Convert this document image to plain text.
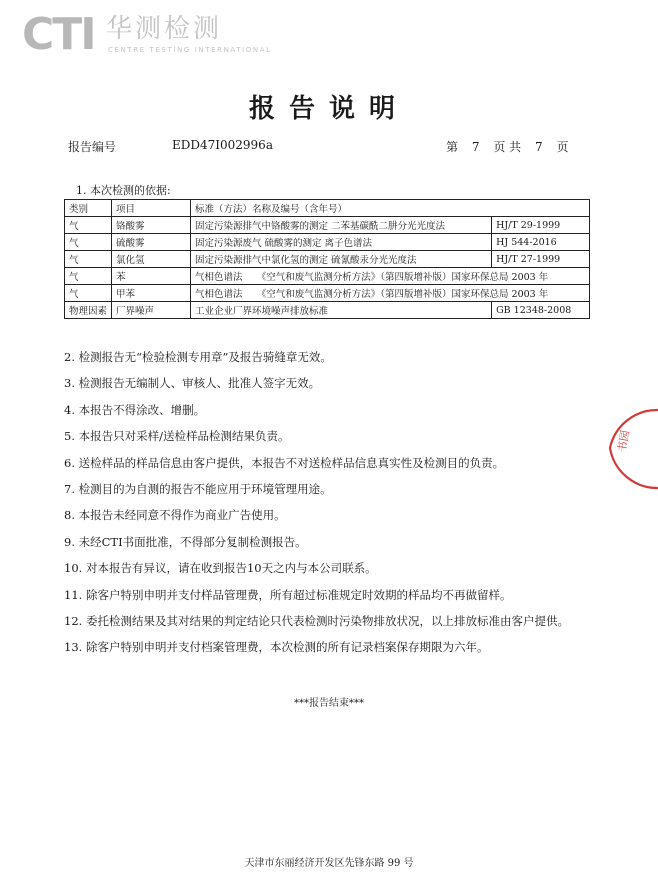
CTI 华测检测
CENTRE TESTING INTERNATIONAL
报告说明
报告编号	EDD47I002996a	第 7 页 共 7 页
1. 本次检测的依据:
类别	项目	标准（方法）名称及编号（含年号）	
气	铬酸雾	固定污染源排气中铬酸雾的测定 二苯基碳酰二肼分光光度法	HJ/T 29-1999
气	硫酸雾	固定污染源废气 硫酸雾的测定 离子色谱法	HJ 544-2016
气	氯化氢	固定污染源排气中氯化氢的测定 硫氰酸汞分光光度法	HJ/T 27-1999
气	苯	气相色谱法　　《空气和废气监测分析方法》（第四版增补版）国家环保总局 2003 年	
气	甲苯	气相色谱法　　《空气和废气监测分析方法》（第四版增补版）国家环保总局 2003 年	
物理因素	厂界噪声	工业企业厂界环境噪声排放标准	GB 12348-2008
2. 检测报告无“检验检测专用章”及报告骑缝章无效。
3. 检测报告无编制人、审核人、批准人签字无效。
4. 本报告不得涂改、增删。
5. 本报告只对采样/送检样品检测结果负责。
6. 送检样品的样品信息由客户提供，本报告不对送检样品信息真实性及检测目的负责。
7. 检测目的为自测的报告不能应用于环境管理用途。
8. 本报告未经同意不得作为商业广告使用。
9. 未经CTI书面批准，不得部分复制检测报告。
10. 对本报告有异议，请在收到报告10天之内与本公司联系。
11. 除客户特别申明并支付样品管理费，所有超过标准规定时效期的样品均不再做留样。
12. 委托检测结果及其对结果的判定结论只代表检测时污染物排放状况，以上排放标准由客户提供。
13. 除客户特别申明并支付档案管理费，本次检测的所有记录档案保存期限为六年。
***报告结束***
书园
天津市东丽经济开发区先锋东路 99 号
